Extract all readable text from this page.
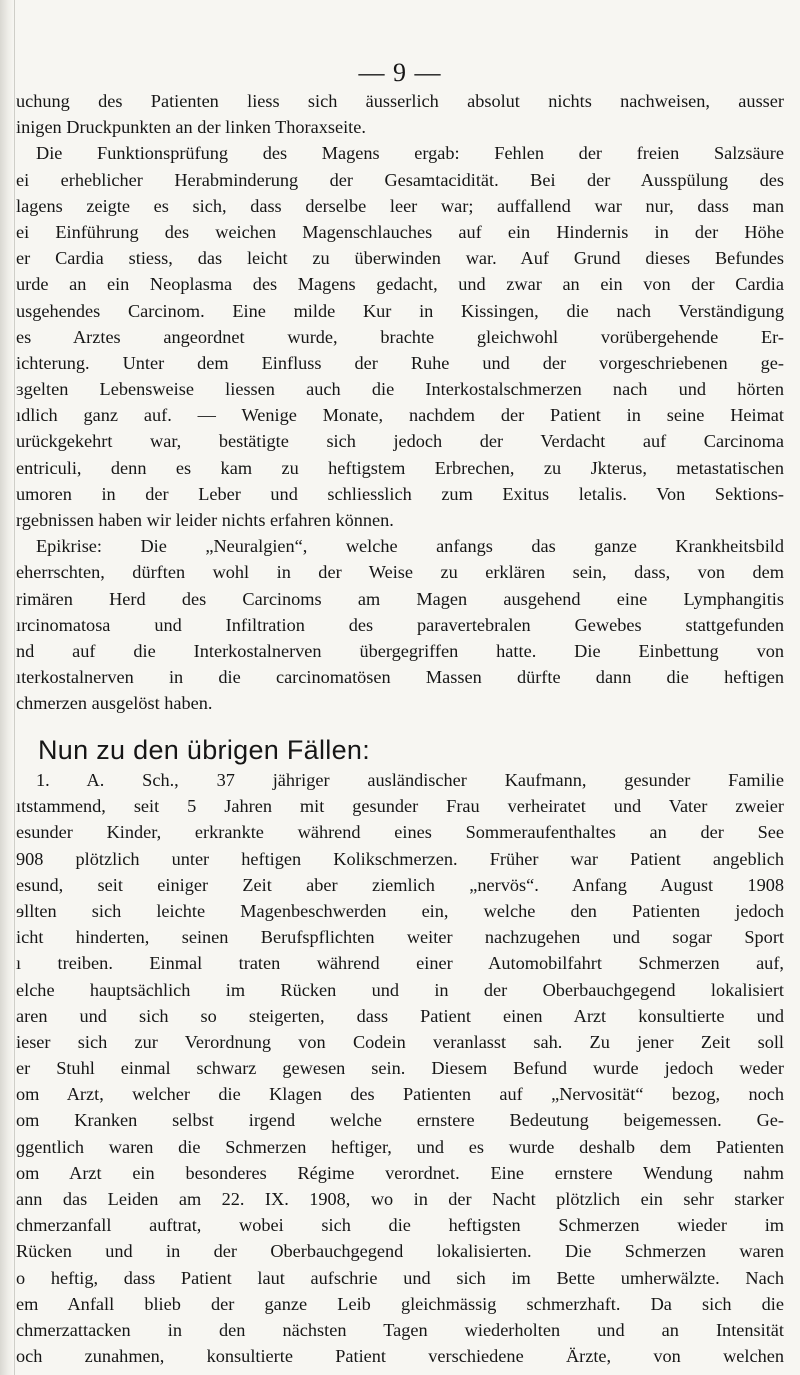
— 9 —
uchung des Patienten liess sich äusserlich absolut nichts nachweisen, ausser
inigen Druckpunkten an der linken Thoraxseite.
Die Funktionsprüfung des Magens ergab: Fehlen der freien Salzsäure
ei erheblicher Herabminderung der Gesamtacidität. Bei der Ausspülung des
lagens zeigte es sich, dass derselbe leer war; auffallend war nur, dass man
ei Einführung des weichen Magenschlauches auf ein Hindernis in der Höhe
er Cardia stiess, das leicht zu überwinden war. Auf Grund dieses Befundes
urde an ein Neoplasma des Magens gedacht, und zwar an ein von der Cardia
usgehendes Carcinom. Eine milde Kur in Kissingen, die nach Verständigung
es Arztes angeordnet wurde, brachte gleichwohl vorübergehende Er-
ichterung. Unter dem Einfluss der Ruhe und der vorgeschriebenen ge-
ɜgelten Lebensweise liessen auch die Interkostalschmerzen nach und hörten
ıdlich ganz auf. — Wenige Monate, nachdem der Patient in seine Heimat
urückgekehrt war, bestätigte sich jedoch der Verdacht auf Carcinoma
entriculi, denn es kam zu heftigstem Erbrechen, zu Jkterus, metastatischen
umoren in der Leber und schliesslich zum Exitus letalis. Von Sektions-
rgebnissen haben wir leider nichts erfahren können.
Epikrise: Die „Neuralgien“, welche anfangs das ganze Krankheitsbild
eherrschten, dürften wohl in der Weise zu erklären sein, dass, von dem
rimären Herd des Carcinoms am Magen ausgehend eine Lymphangitis
ırcinomatosa und Infiltration des paravertebralen Gewebes stattgefunden
nd auf die Interkostalnerven übergegriffen hatte. Die Einbettung von
ıterkostalnerven in die carcinomatösen Massen dürfte dann die heftigen
chmerzen ausgelöst haben.
Nun zu den übrigen Fällen:
1. A. Sch., 37 jähriger ausländischer Kaufmann, gesunder Familie
ıtstammend, seit 5 Jahren mit gesunder Frau verheiratet und Vater zweier
esunder Kinder, erkrankte während eines Sommeraufenthaltes an der See
908 plötzlich unter heftigen Kolikschmerzen. Früher war Patient angeblich
esund, seit einiger Zeit aber ziemlich „nervös“. Anfang August 1908
ɘllten sich leichte Magenbeschwerden ein, welche den Patienten jedoch
icht hinderten, seinen Berufspflichten weiter nachzugehen und sogar Sport
ı treiben. Einmal traten während einer Automobilfahrt Schmerzen auf,
elche hauptsächlich im Rücken und in der Oberbauchgegend lokalisiert
aren und sich so steigerten, dass Patient einen Arzt konsultierte und
ieser sich zur Verordnung von Codein veranlasst sah. Zu jener Zeit soll
er Stuhl einmal schwarz gewesen sein. Diesem Befund wurde jedoch weder
om Arzt, welcher die Klagen des Patienten auf „Nervosität“ bezog, noch
om Kranken selbst irgend welche ernstere Bedeutung beigemessen. Ge-
ɡgentlich waren die Schmerzen heftiger, und es wurde deshalb dem Patienten
om Arzt ein besonderes Régime verordnet. Eine ernstere Wendung nahm
ann das Leiden am 22. IX. 1908, wo in der Nacht plötzlich ein sehr starker
chmerzanfall auftrat, wobei sich die heftigsten Schmerzen wieder im
Rücken und in der Oberbauchgegend lokalisierten. Die Schmerzen waren
o heftig, dass Patient laut aufschrie und sich im Bette umherwälzte. Nach
em Anfall blieb der ganze Leib gleichmässig schmerzhaft. Da sich die
chmerzattacken in den nächsten Tagen wiederholten und an Intensität
och zunahmen, konsultierte Patient verschiedene Ärzte, von welchen
